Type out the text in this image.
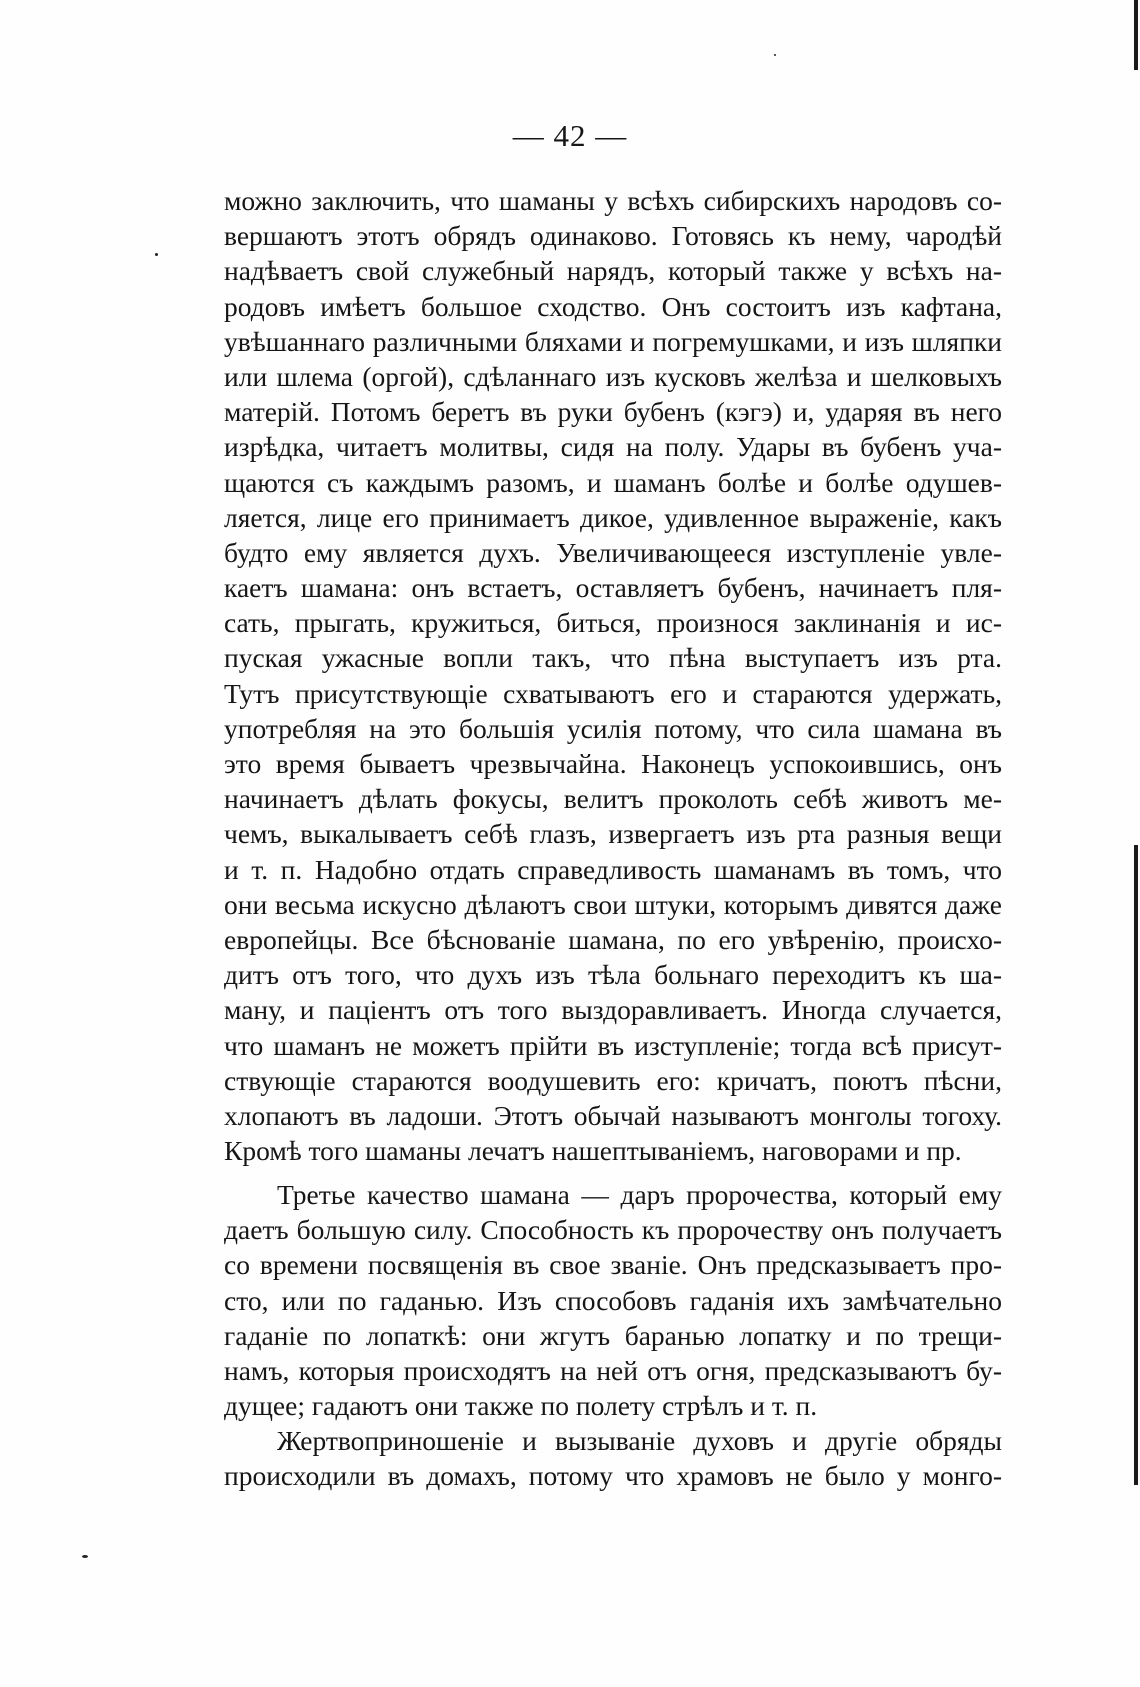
— 42 —
можно заключить, что шаманы у всѣхъ сибирскихъ народовъ со-
вершаютъ этотъ обрядъ одинаково. Готовясь къ нему, чародѣй
надѣваетъ свой служебный нарядъ, который также у всѣхъ на-
родовъ имѣетъ большое сходство. Онъ состоитъ изъ кафтана,
увѣшаннаго различными бляхами и погремушками, и изъ шляпки
или шлема (оргой), сдѣланнаго изъ кусковъ желѣза и шелковыхъ
матерій. Потомъ беретъ въ руки бубенъ (кэгэ) и, ударяя въ него
изрѣдка, читаетъ молитвы, сидя на полу. Удары въ бубенъ уча-
щаются съ каждымъ разомъ, и шаманъ болѣе и болѣе одушев-
ляется, лице его принимаетъ дикое, удивленное выраженіе, какъ
будто ему является духъ. Увеличивающееся изступленіе увле-
каетъ шамана: онъ встаетъ, оставляетъ бубенъ, начинаетъ пля-
сать, прыгать, кружиться, биться, произнося заклинанія и ис-
пуская ужасные вопли такъ, что пѣна выступаетъ изъ рта.
Тутъ присутствующіе схватываютъ его и стараются удержать,
употребляя на это большія усилія потому, что сила шамана въ
это время бываетъ чрезвычайна. Наконецъ успокоившись, онъ
начинаетъ дѣлать фокусы, велитъ проколоть себѣ животъ ме-
чемъ, выкалываетъ себѣ глазъ, извергаетъ изъ рта разныя вещи
и т. п. Надобно отдать справедливость шаманамъ въ томъ, что
они весьма искусно дѣлаютъ свои штуки, которымъ дивятся даже
европейцы. Все бѣснованіе шамана, по его увѣренію, происхо-
дитъ отъ того, что духъ изъ тѣла больнаго переходитъ къ ша-
ману, и паціентъ отъ того выздоравливаетъ. Иногда случается,
что шаманъ не можетъ прійти въ изступленіе; тогда всѣ присут-
ствующіе стараются воодушевить его: кричатъ, поютъ пѣсни,
хлопаютъ въ ладоши. Этотъ обычай называютъ монголы тогоху.
Кромѣ того шаманы лечатъ нашептываніемъ, наговорами и пр.
Третье качество шамана — даръ пророчества, который ему
даетъ большую силу. Способность къ пророчеству онъ получаетъ
со времени посвященія въ свое званіе. Онъ предсказываетъ про-
сто, или по гаданью. Изъ способовъ гаданія ихъ замѣчательно
гаданіе по лопаткѣ: они жгутъ баранью лопатку и по трещи-
намъ, которыя происходятъ на ней отъ огня, предсказываютъ бу-
дущее; гадаютъ они также по полету стрѣлъ и т. п.
Жертвоприношеніе и вызываніе духовъ и другіе обряды
происходили въ домахъ, потому что храмовъ не было у монго-
